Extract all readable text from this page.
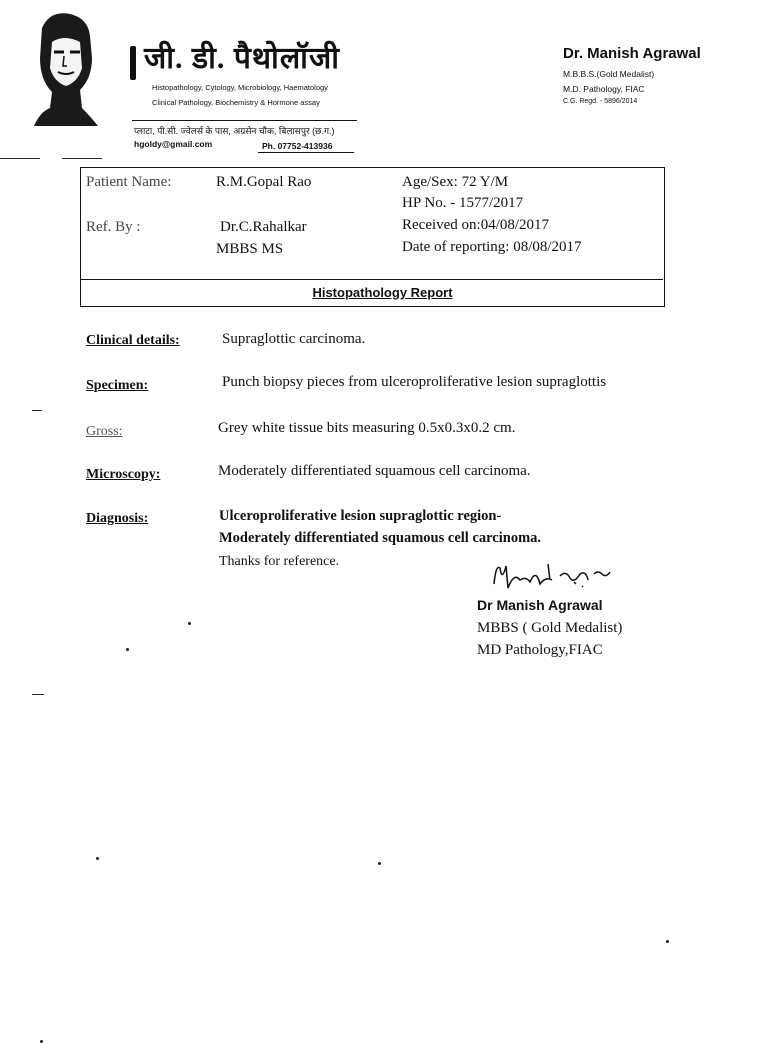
जी. डी. पैथोलॉजी
Histopathology, Cytology, Microbiology, Haematology
Clinical Pathology, Biochemistry & Hormone assay
प्लाटा, पी.सी. ज्वेलर्स के पास, अग्रसेन चौक, बिलासपुर (छ.ग.)
hgoldy@gmail.com	Ph. 07752-413936
Dr. Manish Agrawal
M.B.B.S.(Gold Medalist)
M.D. Pathology, FIAC
C.G. Regd. - 5896/2014
Patient Name:	R.M.Gopal Rao	Age/Sex: 72 Y/M
HP No. - 1577/2017
Ref. By :	Dr.C.Rahalkar
MBBS MS
Received on:04/08/2017
Date of reporting: 08/08/2017
Histopathology Report
Clinical details:	Supraglottic carcinoma.
Specimen:	Punch biopsy pieces from ulceroproliferative lesion supraglottis
Gross:	Grey white tissue bits measuring 0.5x0.3x0.2 cm.
Microscopy:	Moderately differentiated squamous cell carcinoma.
Diagnosis:	Ulceroproliferative lesion supraglottic region-
Moderately differentiated squamous cell carcinoma.
Thanks for reference.
Dr Manish Agrawal
MBBS ( Gold Medalist)
MD Pathology,FIAC
